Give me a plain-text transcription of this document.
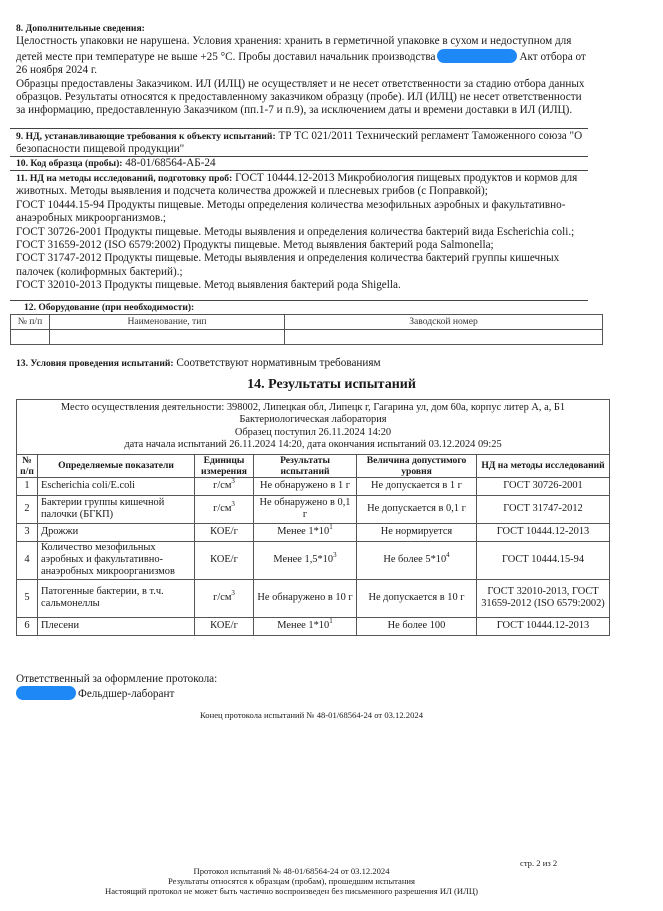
8. Дополнительные сведения:
Целостность упаковки не нарушена. Условия хранения: хранить в герметичной упаковке в сухом и недоступном для детей месте при температуре не выше +25 °С. Пробы доставил начальник производства	Акт отбора от 26 ноября 2024 г.
Образцы предоставлены Заказчиком. ИЛ (ИЛЦ) не осуществляет и не несет ответственности за стадию отбора данных образцов. Результаты относятся к предоставленному заказчиком образцу (пробе). ИЛ (ИЛЦ) не несет ответственности за информацию, предоставленную Заказчиком (пп.1-7 и п.9), за исключением даты и времени доставки в ИЛ (ИЛЦ).
9. НД, устанавливающие требования к объекту испытаний: ТР ТС 021/2011 Технический регламент Таможенного союза "О безопасности пищевой продукции"
10. Код образца (пробы): 48-01/68564-АБ-24
11. НД на методы исследований, подготовку проб: ГОСТ 10444.12-2013 Микробиология пищевых продуктов и кормов для животных. Методы выявления и подсчета количества дрожжей и плесневых грибов (с Поправкой);
ГОСТ 10444.15-94 Продукты пищевые. Методы определения количества мезофильных аэробных и факультативно-анаэробных микроорганизмов.;
ГОСТ 30726-2001 Продукты пищевые. Методы выявления и определения количества бактерий вида Escherichia coli.;
ГОСТ 31659-2012 (ISO 6579:2002) Продукты пищевые. Метод выявления бактерий рода Salmonella;
ГОСТ 31747-2012 Продукты пищевые. Методы выявления и определения количества бактерий группы кишечных палочек (колиформных бактерий).;
ГОСТ 32010-2013 Продукты пищевые. Метод выявления бактерий рода Shigella.
12. Оборудование (при необходимости):
№ п/п	Наименование, тип	Заводской номер

13. Условия проведения испытаний: Соответствуют нормативным требованиям
14. Результаты испытаний
Место осуществления деятельности: 398002, Липецкая обл, Липецк г, Гагарина ул, дом 60а, корпус литер А, а, Б1
Бактериологическая лаборатория
Образец поступил 26.11.2024 14:20
дата начала испытаний 26.11.2024 14:20, дата окончания испытаний 03.12.2024 09:25					

№ п/п	Определяемые показатели	Единицы измерения	Результаты испытаний	Величина допустимого уровня	НД на методы исследований
1	Escherichia coli/E.coli	$г/см^3$	Не обнаружено в 1 г	Не допускается в 1 г	ГОСТ 30726-2001
2	Бактерии группы кишечной палочки (БГКП)	$г/см^3$	Не обнаружено в 0,1 г	Не допускается в 0,1 г	ГОСТ 31747-2012
3	Дрожжи	КОЕ/г	Менее $1*10^1$	Не нормируется	ГОСТ 10444.12-2013
4	Количество мезофильных аэробных и факультативно-анаэробных микроорганизмов	КОЕ/г	Менее $1,5*10^3$	Не более $5*10^4$	ГОСТ 10444.15-94
5	Патогенные бактерии, в т.ч. сальмонеллы	$г/см^3$	Не обнаружено в 10 г	Не допускается в 10 г	ГОСТ 32010-2013, ГОСТ 31659-2012 (ISO 6579:2002)
6	Плесени	КОЕ/г	Менее $1*10^1$	Не более 100	ГОСТ 10444.12-2013
Ответственный за оформление протокола:
Фельдшер-лаборант
Конец протокола испытаний № 48-01/68564-24 от 03.12.2024
стр. 2 из 2
Протокол испытаний № 48-01/68564-24 от 03.12.2024
Результаты относятся к образцам (пробам), прошедшим испытания
Настоящий протокол не может быть частично воспроизведен без письменного разрешения ИЛ (ИЛЦ)
